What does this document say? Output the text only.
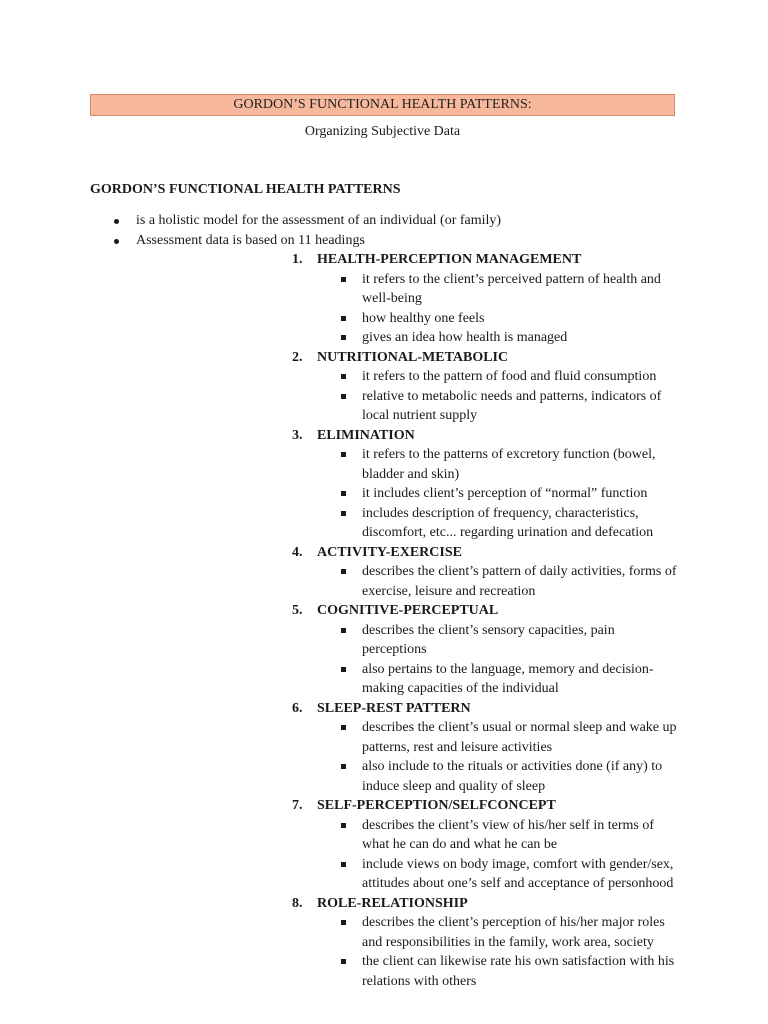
GORDON’S FUNCTIONAL HEALTH PATTERNS:
Organizing Subjective Data
GORDON’S FUNCTIONAL HEALTH PATTERNS
is a holistic model for the assessment of an individual (or family)
Assessment data is based on 11 headings
1.	HEALTH-PERCEPTION MANAGEMENT
it refers to the client’s perceived pattern of health and well-being
how healthy one feels
gives an idea how health is managed
2.	NUTRITIONAL-METABOLIC
it refers to the pattern of food and fluid consumption
relative to metabolic needs and patterns, indicators of local nutrient supply
3.	ELIMINATION
it refers to the patterns of excretory function (bowel, bladder and skin)
it includes client’s perception of “normal” function
includes description of frequency, characteristics, discomfort, etc... regarding urination and defecation
4.	ACTIVITY-EXERCISE
describes the client’s pattern of daily activities, forms of exercise, leisure and recreation
5.	COGNITIVE-PERCEPTUAL
describes the client’s sensory capacities, pain perceptions
also pertains to the language, memory and decision-making capacities of the individual
6.	SLEEP-REST PATTERN
describes the client’s usual or normal sleep and wake up patterns, rest and leisure activities
also include to the rituals or activities done (if any) to induce sleep and quality of sleep
7.	SELF-PERCEPTION/SELFCONCEPT
describes the client’s view of his/her self in terms of what he can do and what he can be
include views on body image, comfort with gender/sex, attitudes about one’s self and acceptance of personhood
8.	ROLE-RELATIONSHIP
describes the client’s perception of his/her major roles and responsibilities in the family, work area, society
the client can likewise rate his own satisfaction with his relations with others
